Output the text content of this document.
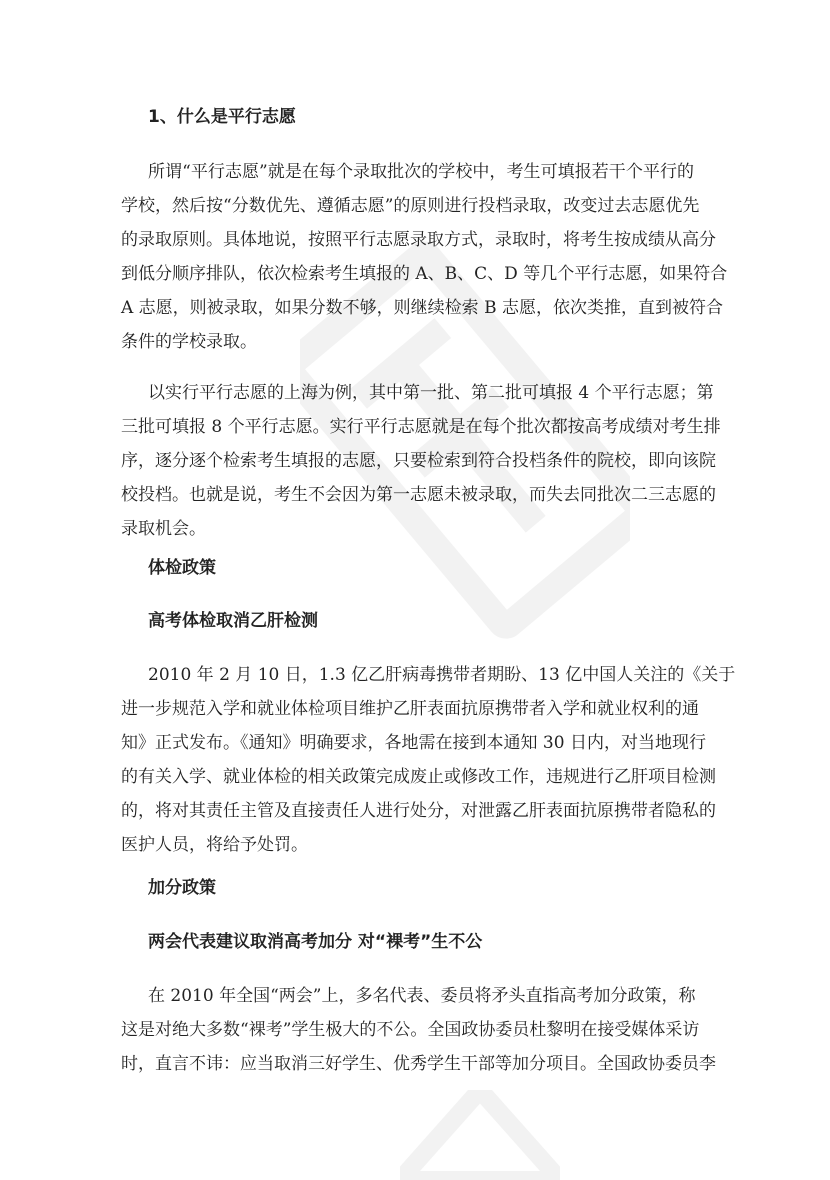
1、什么是平行志愿
所谓“平行志愿”就是在每个录取批次的学校中，考生可填报若干个平行的
学校，然后按“分数优先、遵循志愿”的原则进行投档录取，改变过去志愿优先
的录取原则。具体地说，按照平行志愿录取方式，录取时，将考生按成绩从高分
到低分顺序排队，依次检索考生填报的 A、B、C、D 等几个平行志愿，如果符合
A 志愿，则被录取，如果分数不够，则继续检索 B 志愿，依次类推，直到被符合
条件的学校录取。
以实行平行志愿的上海为例，其中第一批、第二批可填报 4 个平行志愿；第
三批可填报 8 个平行志愿。实行平行志愿就是在每个批次都按高考成绩对考生排
序，逐分逐个检索考生填报的志愿，只要检索到符合投档条件的院校，即向该院
校投档。也就是说，考生不会因为第一志愿未被录取，而失去同批次二三志愿的
录取机会。
体检政策
高考体检取消乙肝检测
2010 年 2 月 10 日，1.3 亿乙肝病毒携带者期盼、13 亿中国人关注的《关于
进一步规范入学和就业体检项目维护乙肝表面抗原携带者入学和就业权利的通
知》正式发布。《通知》明确要求，各地需在接到本通知 30 日内，对当地现行
的有关入学、就业体检的相关政策完成废止或修改工作，违规进行乙肝项目检测
的，将对其责任主管及直接责任人进行处分，对泄露乙肝表面抗原携带者隐私的
医护人员，将给予处罚。
加分政策
两会代表建议取消高考加分 对“裸考”生不公
在 2010 年全国“两会”上，多名代表、委员将矛头直指高考加分政策，称
这是对绝大多数“裸考”学生极大的不公。全国政协委员杜黎明在接受媒体采访
时，直言不讳：应当取消三好学生、优秀学生干部等加分项目。全国政协委员李
